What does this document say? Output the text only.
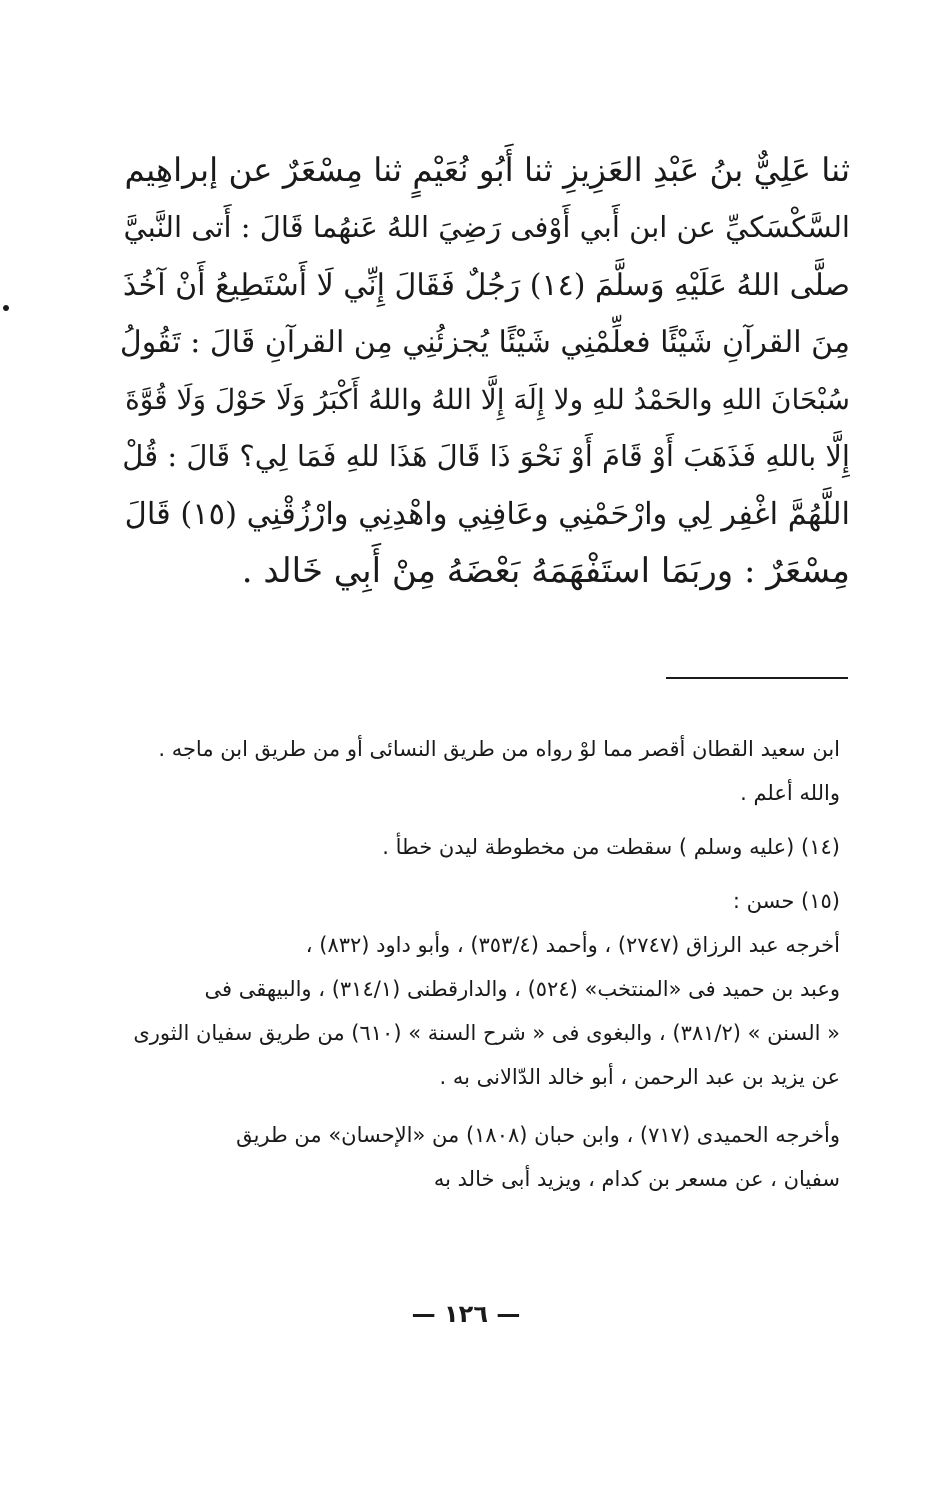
ثنا عَلِيٌّ بنُ عَبْدِ العَزِيزِ ثنا أَبُو نُعَيْمٍ ثنا مِسْعَرٌ عن إبراهِيم
السَّكْسَكيِّ عن ابن أَبي أَوْفى رَضِيَ اللهُ عَنهُما قَالَ : أَتى النَّبيَّ
صلَّى اللهُ عَلَيْهِ وَسلَّمَ (١٤) رَجُلٌ فَقَالَ إِنِّي لَا أَسْتَطِيعُ أَنْ آخُذَ
مِنَ القرآنِ شَيْئًا فعلِّمْنِي شَيْئًا يُجزئُنِي مِن القرآنِ قَالَ : تَقُولُ
سُبْحَانَ اللهِ والحَمْدُ للهِ ولا إِلَهَ إِلَّا اللهُ واللهُ أَكْبَرُ وَلَا حَوْلَ وَلَا قُوَّةَ
إِلَّا باللهِ فَذَهَبَ أَوْ قَامَ أَوْ نَحْوَ ذَا قَالَ هَذَا للهِ فَمَا لِي؟ قَالَ : قُلْ
اللَّهُمَّ اغْفِر لِي وارْحَمْنِي وعَافِنِي واهْدِنِي وارْزُقْنِي (١٥) قَالَ
مِسْعَرٌ : وربَمَا استَفْهَمَهُ بَعْضَهُ مِنْ أَبِي خَالد .
ابن سعيد القطان أقصر مما لوْ رواه من طريق النسائى أو من طريق ابن ماجه .
والله أعلم .
(١٤) (عليه وسلم ) سقطت من مخطوطة ليدن خطأ .
(١٥) حسن :
أخرجه عبد الرزاق (٢٧٤٧) ، وأحمد (٣٥٣/٤) ، وأبو داود (٨٣٢) ،
وعبد بن حميد فى «المنتخب» (٥٢٤) ، والدارقطنى (٣١٤/١) ، والبيهقى فى
« السنن » (٣٨١/٢) ، والبغوى فى « شرح السنة » (٦١٠) من طريق سفيان الثورى
عن يزيد بن عبد الرحمن ، أبو خالد الدّالانى به .
وأخرجه الحميدى (٧١٧) ، وابن حبان (١٨٠٨) من «الإحسان» من طريق
سفيان ، عن مسعر بن كدام ، ويزيد أبى خالد به
— ١٢٦ —
